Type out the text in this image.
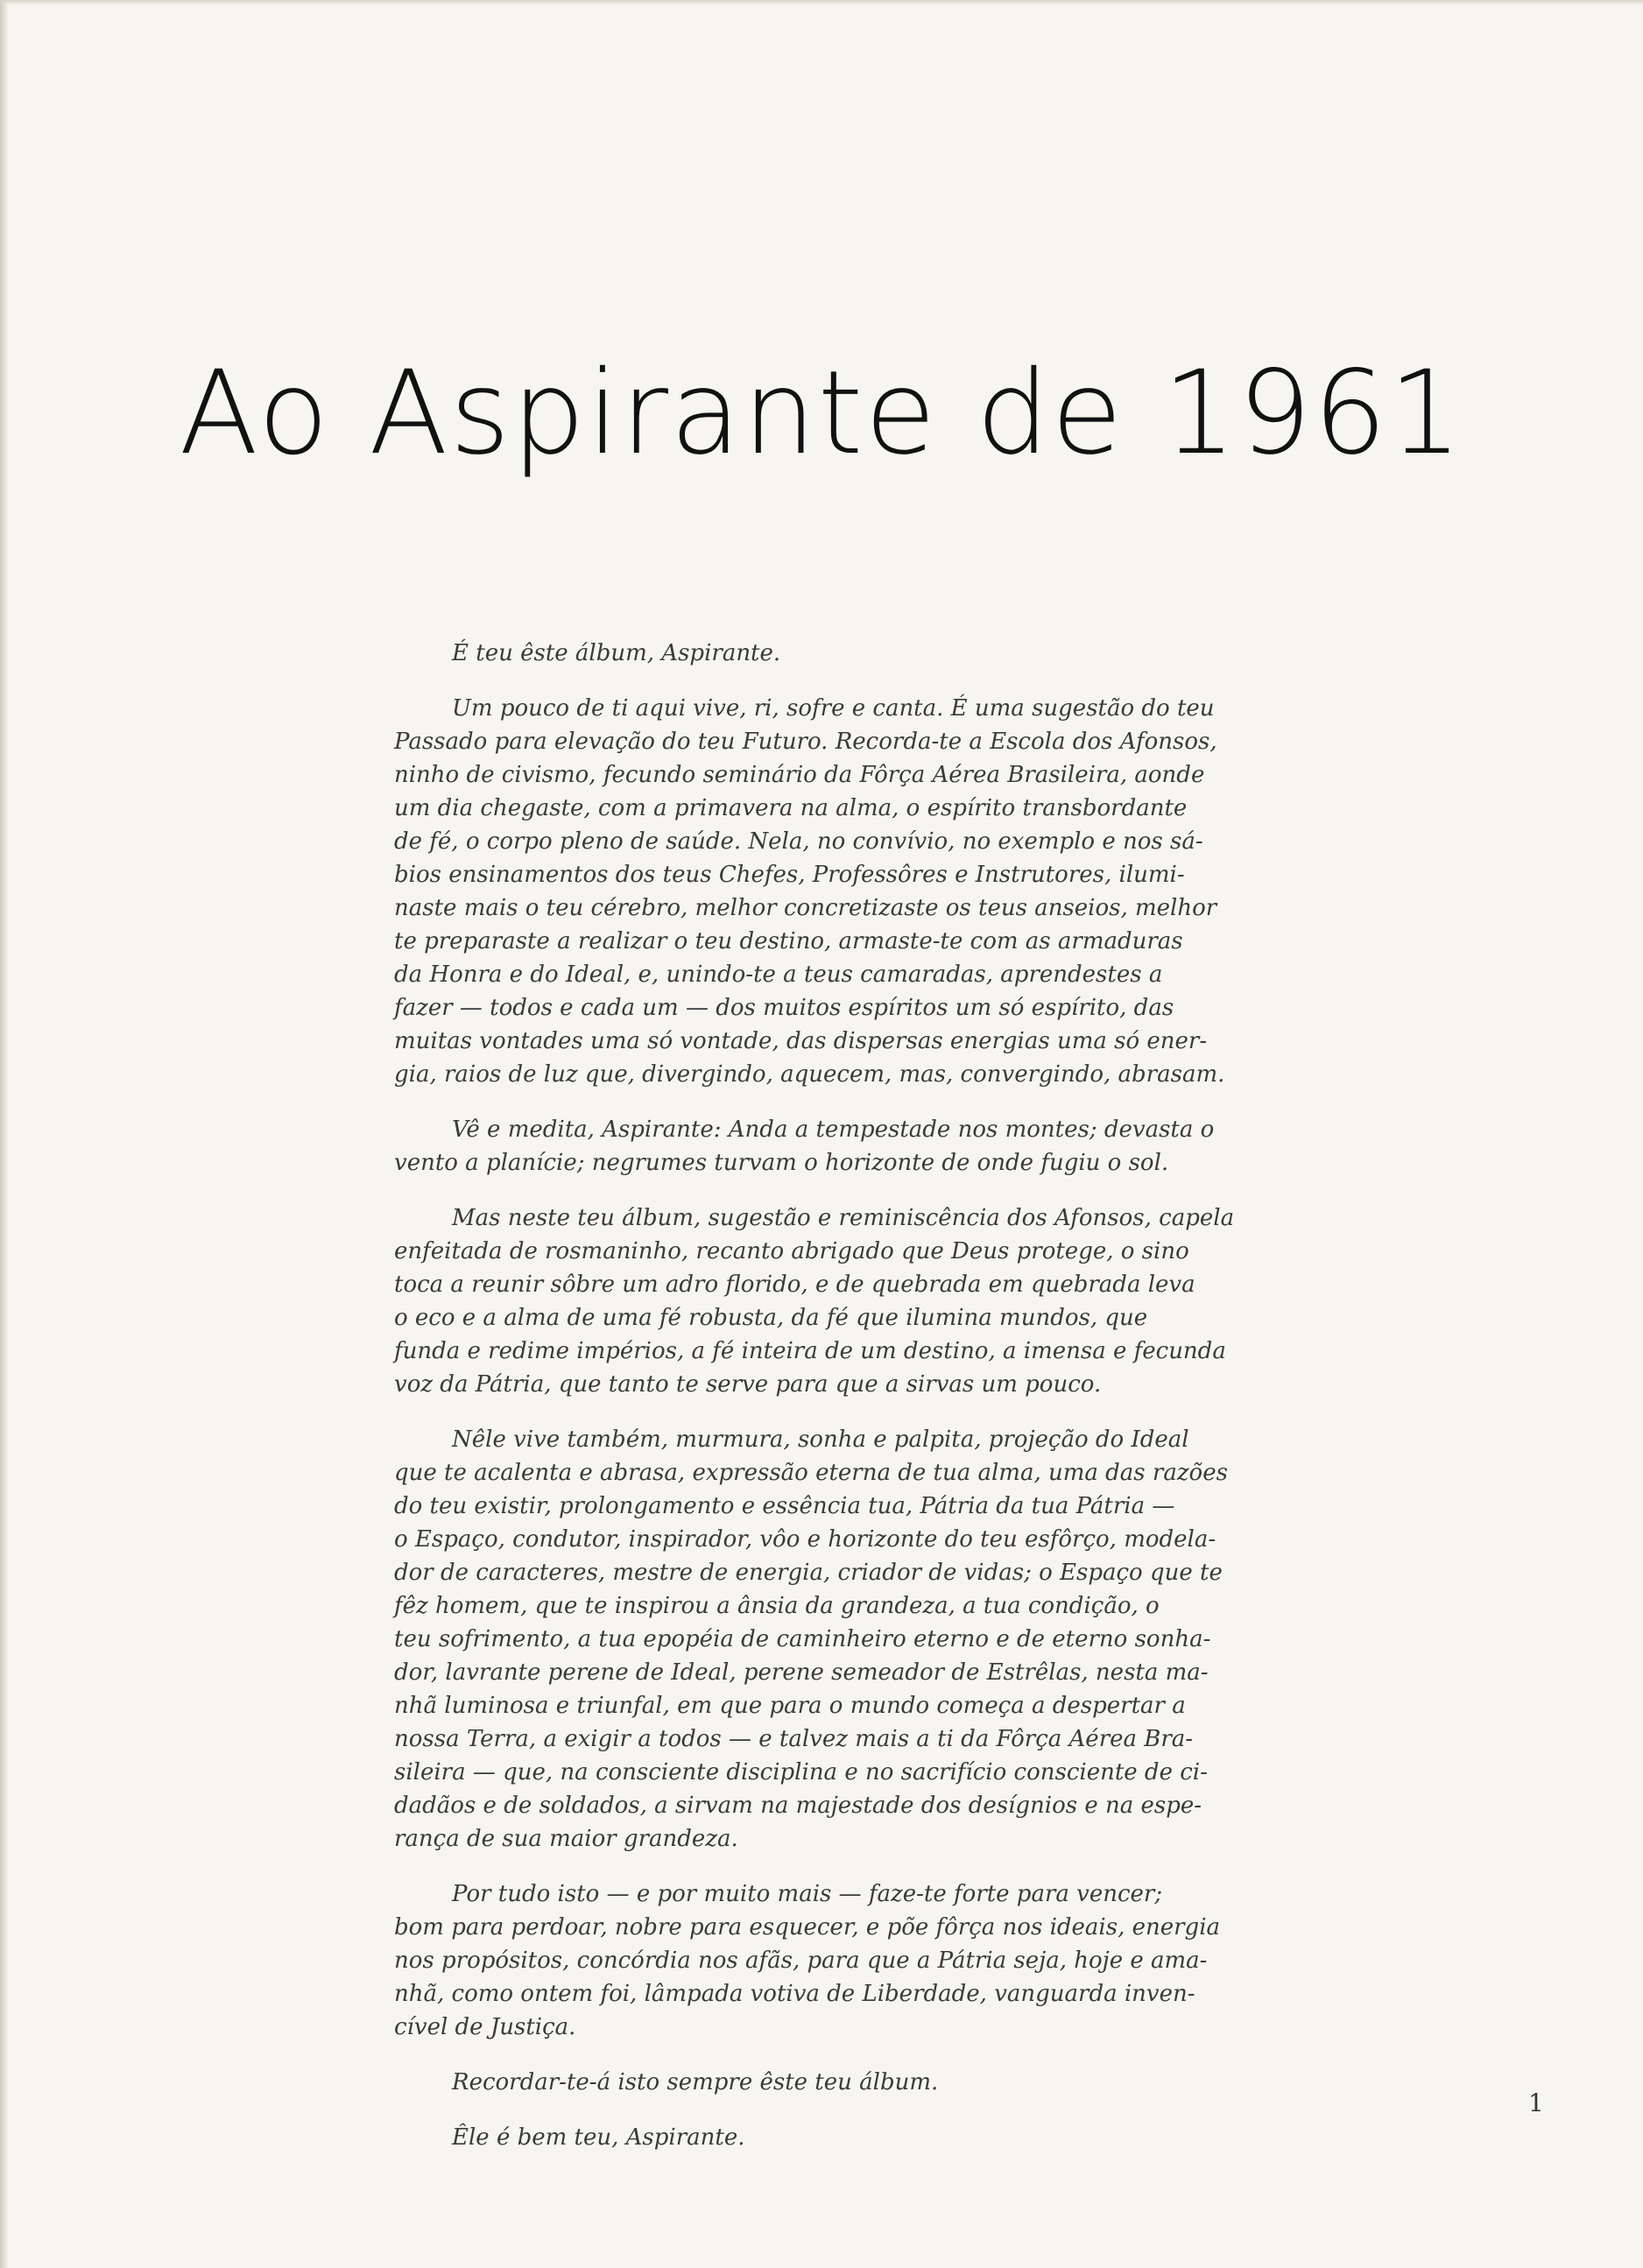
Ao Aspirante de 1961
É teu êste álbum, Aspirante.
Um pouco de ti aqui vive, ri, sofre e canta. É uma sugestão do teu
Passado para elevação do teu Futuro. Recorda-te a Escola dos Afonsos,
ninho de civismo, fecundo seminário da Fôrça Aérea Brasileira, aonde
um dia chegaste, com a primavera na alma, o espírito transbordante
de fé, o corpo pleno de saúde. Nela, no convívio, no exemplo e nos sá-
bios ensinamentos dos teus Chefes, Professôres e Instrutores, ilumi-
naste mais o teu cérebro, melhor concretizaste os teus anseios, melhor
te preparaste a realizar o teu destino, armaste-te com as armaduras
da Honra e do Ideal, e, unindo-te a teus camaradas, aprendestes a
fazer — todos e cada um — dos muitos espíritos um só espírito, das
muitas vontades uma só vontade, das dispersas energias uma só ener-
gia, raios de luz que, divergindo, aquecem, mas, convergindo, abrasam.
Vê e medita, Aspirante: Anda a tempestade nos montes; devasta o
vento a planície; negrumes turvam o horizonte de onde fugiu o sol.
Mas neste teu álbum, sugestão e reminiscência dos Afonsos, capela
enfeitada de rosmaninho, recanto abrigado que Deus protege, o sino
toca a reunir sôbre um adro florido, e de quebrada em quebrada leva
o eco e a alma de uma fé robusta, da fé que ilumina mundos, que
funda e redime impérios, a fé inteira de um destino, a imensa e fecunda
voz da Pátria, que tanto te serve para que a sirvas um pouco.
Nêle vive também, murmura, sonha e palpita, projeção do Ideal
que te acalenta e abrasa, expressão eterna de tua alma, uma das razões
do teu existir, prolongamento e essência tua, Pátria da tua Pátria —
o Espaço, condutor, inspirador, vôo e horizonte do teu esfôrço, modela-
dor de caracteres, mestre de energia, criador de vidas; o Espaço que te
fêz homem, que te inspirou a ânsia da grandeza, a tua condição, o
teu sofrimento, a tua epopéia de caminheiro eterno e de eterno sonha-
dor, lavrante perene de Ideal, perene semeador de Estrêlas, nesta ma-
nhã luminosa e triunfal, em que para o mundo começa a despertar a
nossa Terra, a exigir a todos — e talvez mais a ti da Fôrça Aérea Bra-
sileira — que, na consciente disciplina e no sacrifício consciente de ci-
dadãos e de soldados, a sirvam na majestade dos desígnios e na espe-
rança de sua maior grandeza.
Por tudo isto — e por muito mais — faze-te forte para vencer;
bom para perdoar, nobre para esquecer, e põe fôrça nos ideais, energia
nos propósitos, concórdia nos afãs, para que a Pátria seja, hoje e ama-
nhã, como ontem foi, lâmpada votiva de Liberdade, vanguarda inven-
cível de Justiça.
Recordar-te-á isto sempre êste teu álbum.
Êle é bem teu, Aspirante.
1
